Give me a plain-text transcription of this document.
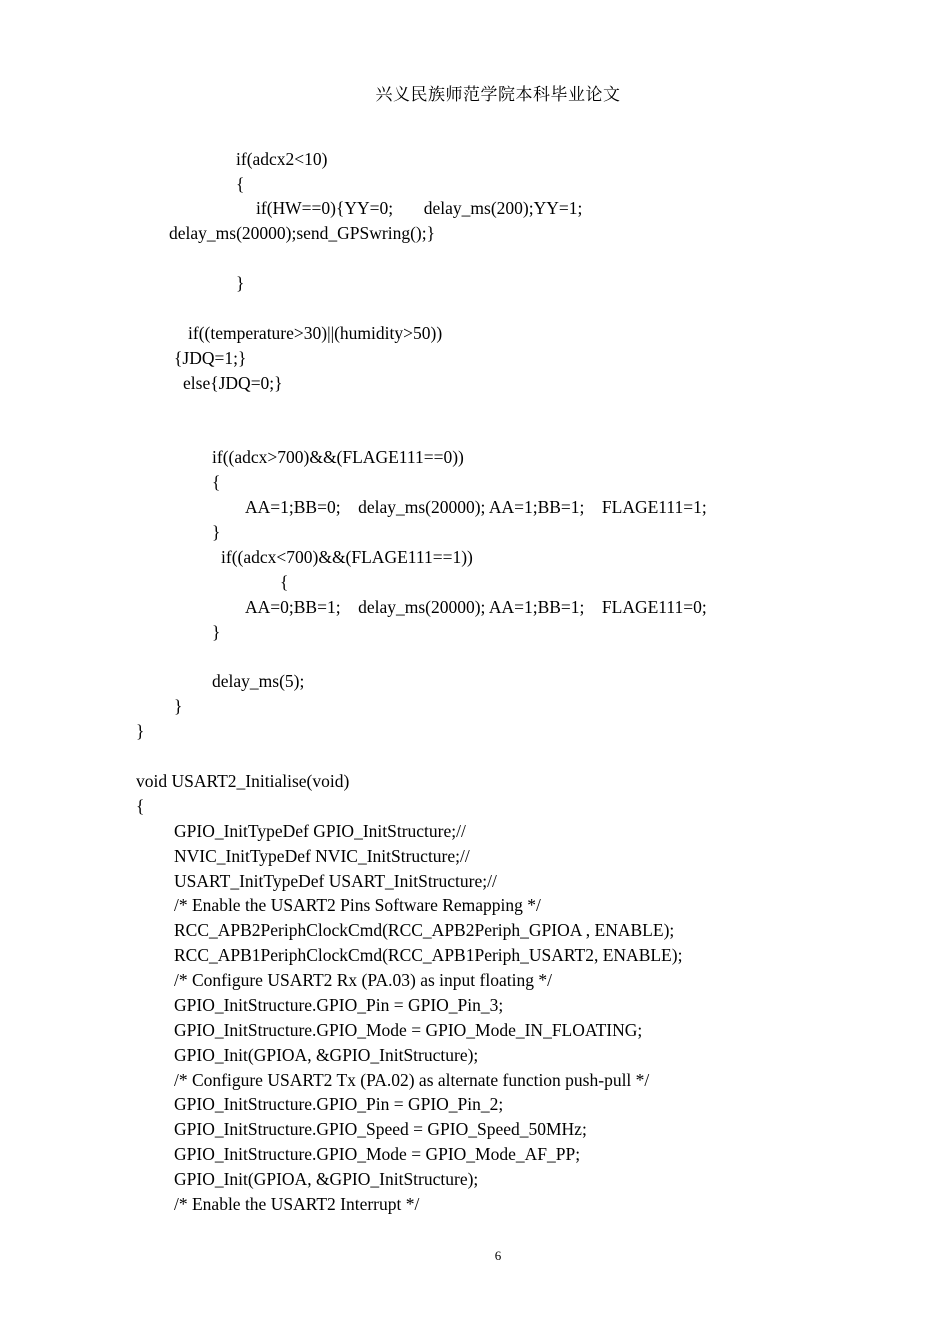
兴义民族师范学院本科毕业论文
if(adcx2<10)
{
if(HW==0){YY=0;       delay_ms(200);YY=1;
delay_ms(20000);send_GPSwring();}
}
if((temperature>30)||(humidity>50))
{JDQ=1;}
else{JDQ=0;}
if((adcx>700)&&(FLAGE111==0))
{
AA=1;BB=0;    delay_ms(20000); AA=1;BB=1;    FLAGE111=1;
}
if((adcx<700)&&(FLAGE111==1))
{
AA=0;BB=1;    delay_ms(20000); AA=1;BB=1;    FLAGE111=0;
}
delay_ms(5);
}
}
void USART2_Initialise(void)
{
GPIO_InitTypeDef GPIO_InitStructure;//
NVIC_InitTypeDef NVIC_InitStructure;//
USART_InitTypeDef USART_InitStructure;//
/* Enable the USART2 Pins Software Remapping */
RCC_APB2PeriphClockCmd(RCC_APB2Periph_GPIOA , ENABLE);
RCC_APB1PeriphClockCmd(RCC_APB1Periph_USART2, ENABLE);
/* Configure USART2 Rx (PA.03) as input floating */
GPIO_InitStructure.GPIO_Pin = GPIO_Pin_3;
GPIO_InitStructure.GPIO_Mode = GPIO_Mode_IN_FLOATING;
GPIO_Init(GPIOA, &GPIO_InitStructure);
/* Configure USART2 Tx (PA.02) as alternate function push-pull */
GPIO_InitStructure.GPIO_Pin = GPIO_Pin_2;
GPIO_InitStructure.GPIO_Speed = GPIO_Speed_50MHz;
GPIO_InitStructure.GPIO_Mode = GPIO_Mode_AF_PP;
GPIO_Init(GPIOA, &GPIO_InitStructure);
/* Enable the USART2 Interrupt */
6
